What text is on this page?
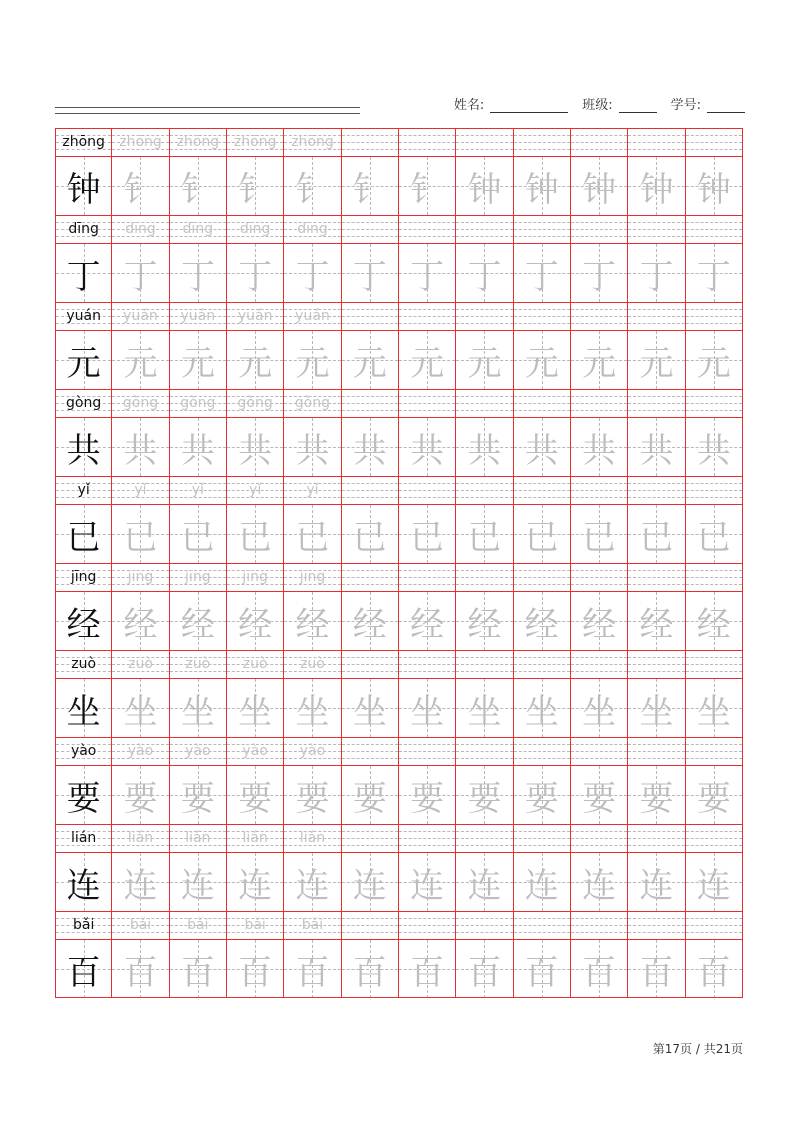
姓名:	班级:	学号:
zhōng	zhōng	zhōng	zhōng	zhōng
钟 钅 钅 钅 钅 钅 钅 钟 钟 钟 钟 钟
dīng	dīng	dīng	dīng	dīng
丁 丁 丁 丁 丁 丁 丁 丁 丁 丁 丁 丁
yuán	yuán	yuán	yuán	yuán
元 元 元 元 元 元 元 元 元 元 元 元
gòng	gòng	gòng	gòng	gòng
共 共 共 共 共 共 共 共 共 共 共 共
yǐ	yǐ	yǐ	yǐ	yǐ
已 已 已 已 已 已 已 已 已 已 已 已
jīng	jīng	jīng	jīng	jīng
经 经 经 经 经 经 经 经 经 经 经 经
zuò	zuò	zuò	zuò	zuò
坐 坐 坐 坐 坐 坐 坐 坐 坐 坐 坐 坐
yào	yào	yào	yào	yào
要 要 要 要 要 要 要 要 要 要 要 要
lián	lián	lián	lián	lián
连 连 连 连 连 连 连 连 连 连 连 连
bǎi	bǎi	bǎi	bǎi	bǎi
百 百 百 百 百 百 百 百 百 百 百 百
第17页 / 共21页
